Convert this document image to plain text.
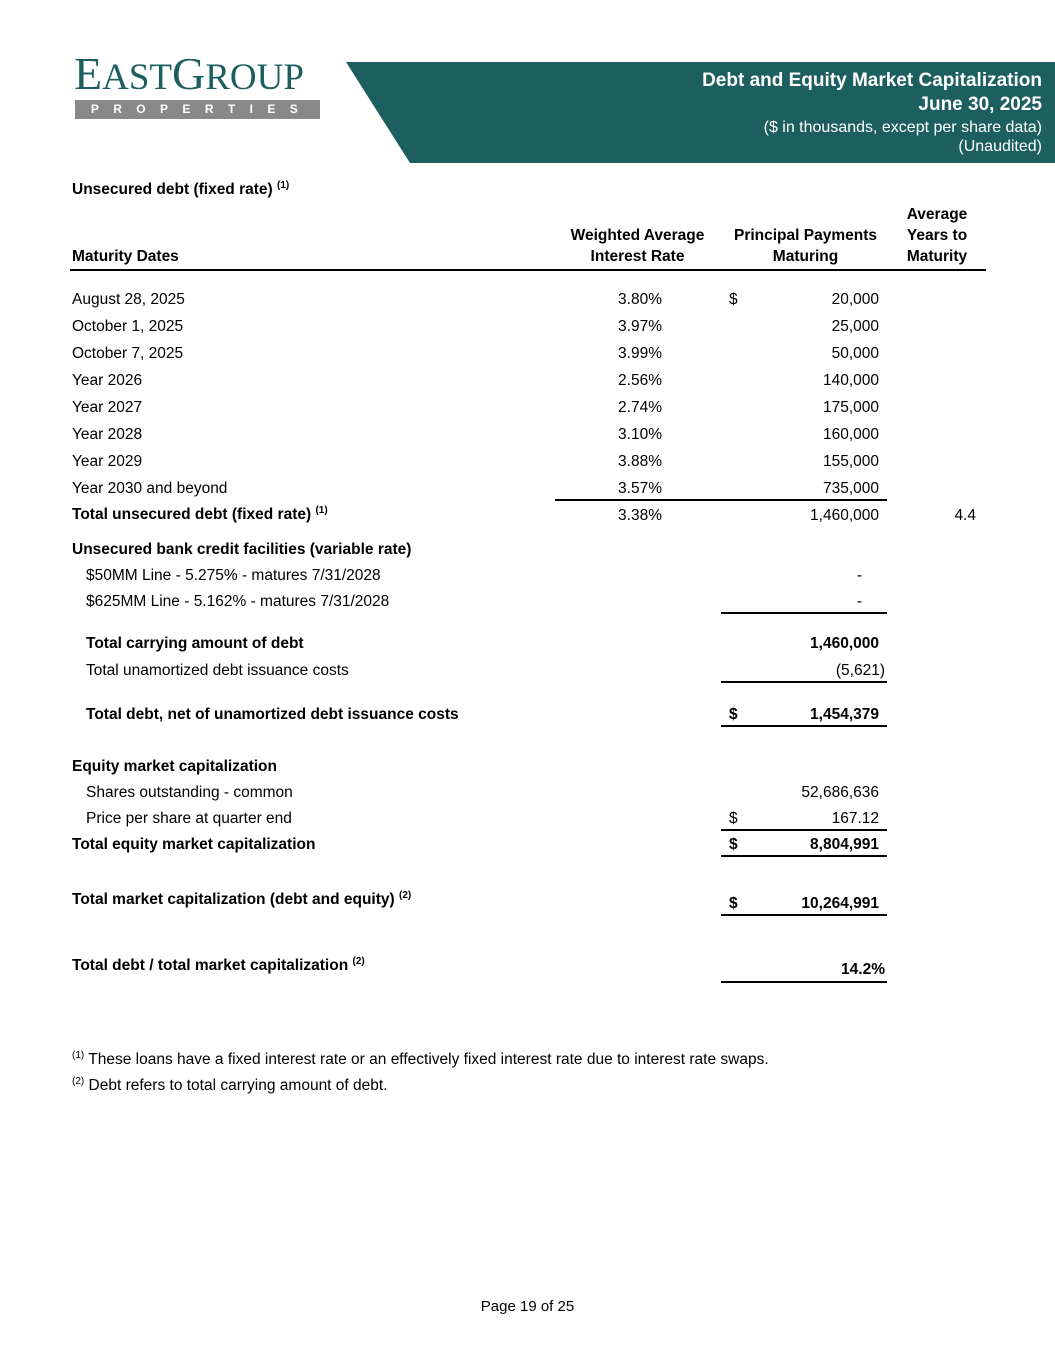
EASTGROUP
PROPERTIES
Debt and Equity Market Capitalization
June 30, 2025
($ in thousands, except per share data)
(Unaudited)
Unsecured debt (fixed rate) $^{(1)}$
Maturity Dates
Weighted Average
Interest Rate
Principal Payments
Maturing
Average
Years to
Maturity
August 28, 2025	3.80%	$	20,000
October 1, 2025	3.97%	25,000
October 7, 2025	3.99%	50,000
Year 2026	2.56%	140,000
Year 2027	2.74%	175,000
Year 2028	3.10%	160,000
Year 2029	3.88%	155,000
Year 2030 and beyond	3.57%	735,000
Total unsecured debt (fixed rate) $^{(1)}$	3.38%	1,460,000	4.4
Unsecured bank credit facilities (variable rate)
$50MM Line - 5.275% - matures 7/31/2028	-
$625MM Line - 5.162% - matures 7/31/2028	-
Total carrying amount of debt	1,460,000
Total unamortized debt issuance costs	(5,621)
Total debt, net of unamortized debt issuance costs	$	1,454,379
Equity market capitalization
Shares outstanding - common	52,686,636
Price per share at quarter end	$	167.12
Total equity market capitalization	$	8,804,991
Total market capitalization (debt and equity) $^{(2)}$	$	10,264,991
Total debt / total market capitalization $^{(2)}$	14.2%
$^{(1)}$ These loans have a fixed interest rate or an effectively fixed interest rate due to interest rate swaps.
$^{(2)}$ Debt refers to total carrying amount of debt.
Page 19 of 25
